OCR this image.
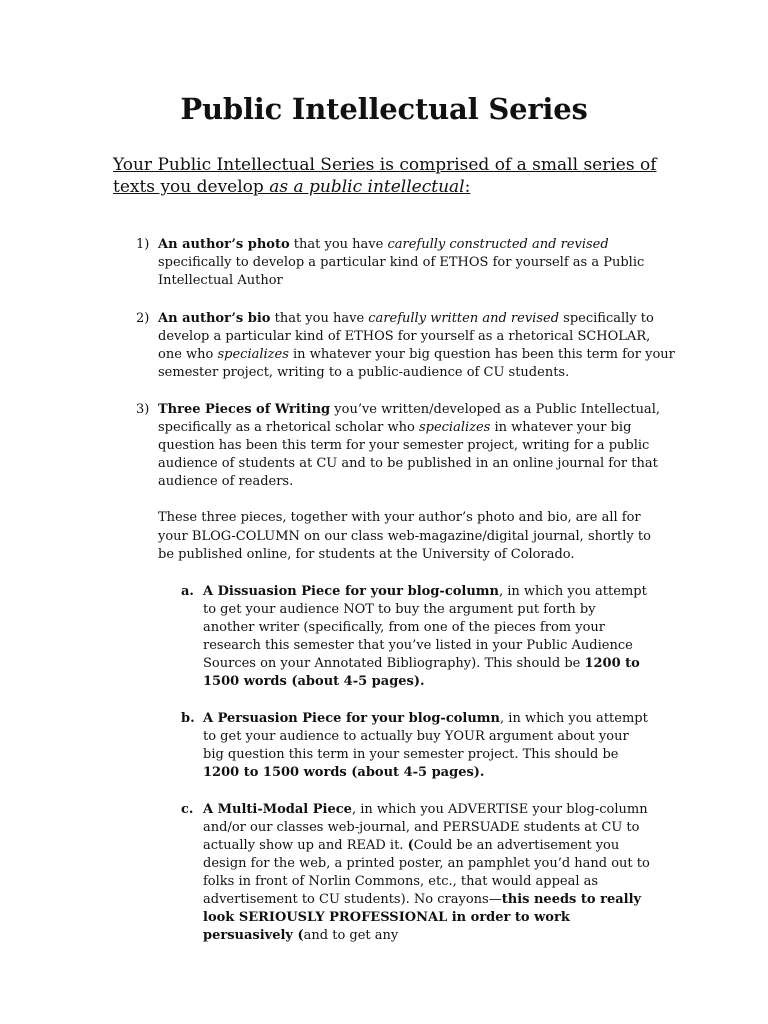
Public Intellectual Series
Your Public Intellectual Series is comprised of a small series of texts you develop as a public intellectual:
1) An author’s photo that you have carefully constructed and revised specifically to develop a particular kind of ETHOS for yourself as a Public Intellectual Author
2) An author’s bio that you have carefully written and revised specifically to develop a particular kind of ETHOS for yourself as a rhetorical SCHOLAR, one who specializes in whatever your big question has been this term for your semester project, writing to a public-audience of CU students.
3) Three Pieces of Writing you’ve written/developed as a Public Intellectual, specifically as a rhetorical scholar who specializes in whatever your big question has been this term for your semester project, writing for a public audience of students at CU and to be published in an online journal for that audience of readers.
These three pieces, together with your author’s photo and bio, are all for your BLOG-COLUMN on our class web-magazine/digital journal, shortly to be published online, for students at the University of Colorado.
a. A Dissuasion Piece for your blog-column, in which you attempt to get your audience NOT to buy the argument put forth by another writer (specifically, from one of the pieces from your research this semester that you’ve listed in your Public Audience Sources on your Annotated Bibliography). This should be 1200 to 1500 words (about 4-5 pages).
b. A Persuasion Piece for your blog-column, in which you attempt to get your audience to actually buy YOUR argument about your big question this term in your semester project. This should be 1200 to 1500 words (about 4-5 pages).
c. A Multi-Modal Piece, in which you ADVERTISE your blog-column and/or our classes web-journal, and PERSUADE students at CU to actually show up and READ it. (Could be an advertisement you design for the web, a printed poster, an pamphlet you’d hand out to folks in front of Norlin Commons, etc., that would appeal as advertisement to CU students). No crayons—this needs to really look SERIOUSLY PROFESSIONAL in order to work persuasively (and to get any
